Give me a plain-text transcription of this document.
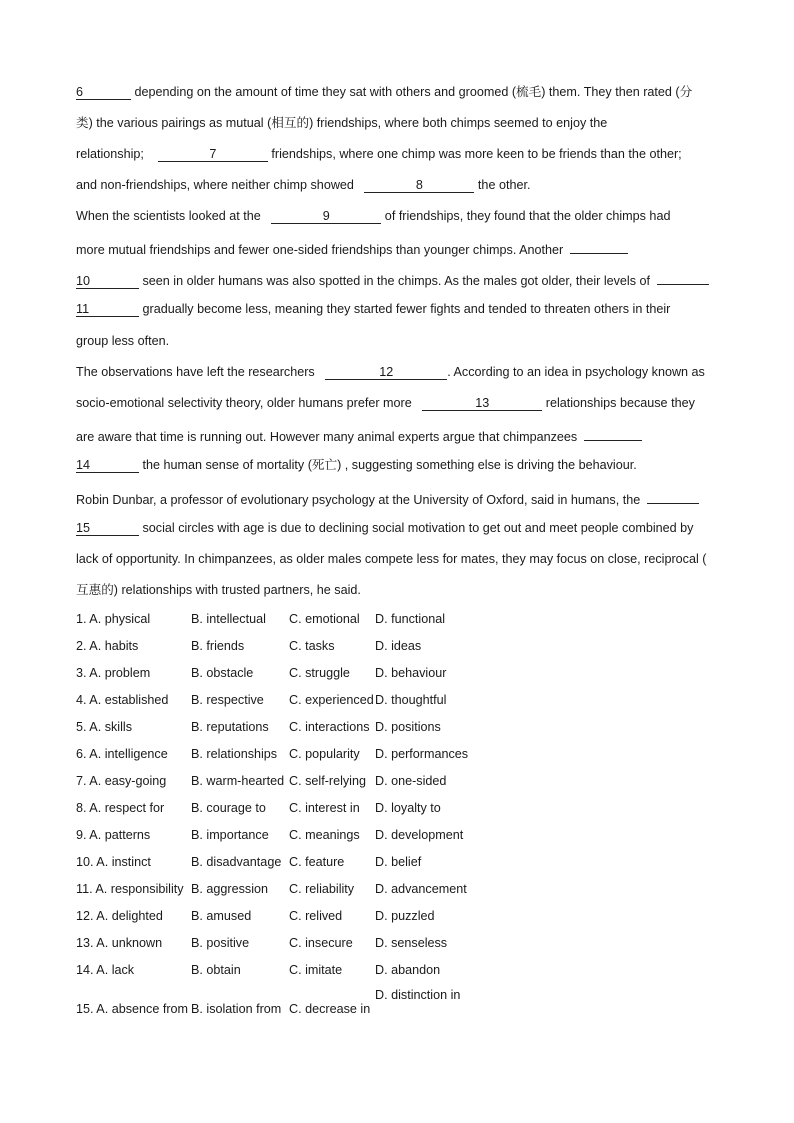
6	depending on the amount of time they sat with others and groomed (梳毛) them. They then rated (分
类) the various pairings as mutual (相互的) friendships, where both chimps seemed to enjoy the
relationship;	7	friendships, where one chimp was more keen to be friends than the other;
and non-friendships, where neither chimp showed	8	the other.
When the scientists looked at the	9	of friendships, they found that the older chimps had
more mutual friendships and fewer one-sided friendships than younger chimps. Another
10	seen in older humans was also spotted in the chimps. As the males got older, their levels of
11	gradually become less, meaning they started fewer fights and tended to threaten others in their
group less often.
The observations have left the researchers	12	. According to an idea in psychology known as
socio-emotional selectivity theory, older humans prefer more	13	relationships because they
are aware that time is running out. However many animal experts argue that chimpanzees
14	the human sense of mortality (死亡) , suggesting something else is driving the behaviour.
Robin Dunbar, a professor of evolutionary psychology at the University of Oxford, said in humans, the
15	social circles with age is due to declining social motivation to get out and meet people combined by
lack of opportunity. In chimpanzees, as older males compete less for mates, they may focus on close, reciprocal (
互惠的) relationships with trusted partners, he said.
1. A. physical	B. intellectual C. emotional D. functional
2. A. habits	B. friends	C. tasks	D. ideas
3. A. problem	B. obstacle	C. struggle D. behaviour
4. A. established B. respective C. experienced D. thoughtful
5. A. skills	B. reputations C. interactions D. positions
6. A. intelligence B. relationships C. popularity D. performances
7. A. easy-going B. warm-hearted C. self-relying D. one-sided
8. A. respect for B. courage to C. interest in D. loyalty to
9. A. patterns	B. importance C. meanings D. development
10. A. instinct	B. disadvantage C. feature D. belief
11. A. responsibility B. aggression C. reliability D. advancement
12. A. delighted B. amused	C. relived	D. puzzled
13. A. unknown B. positive	C. insecure D. senseless
14. A. lack	B. obtain	C. imitate	D. abandon
15. A. absence from B. isolation from C. decrease in
D. distinction in
